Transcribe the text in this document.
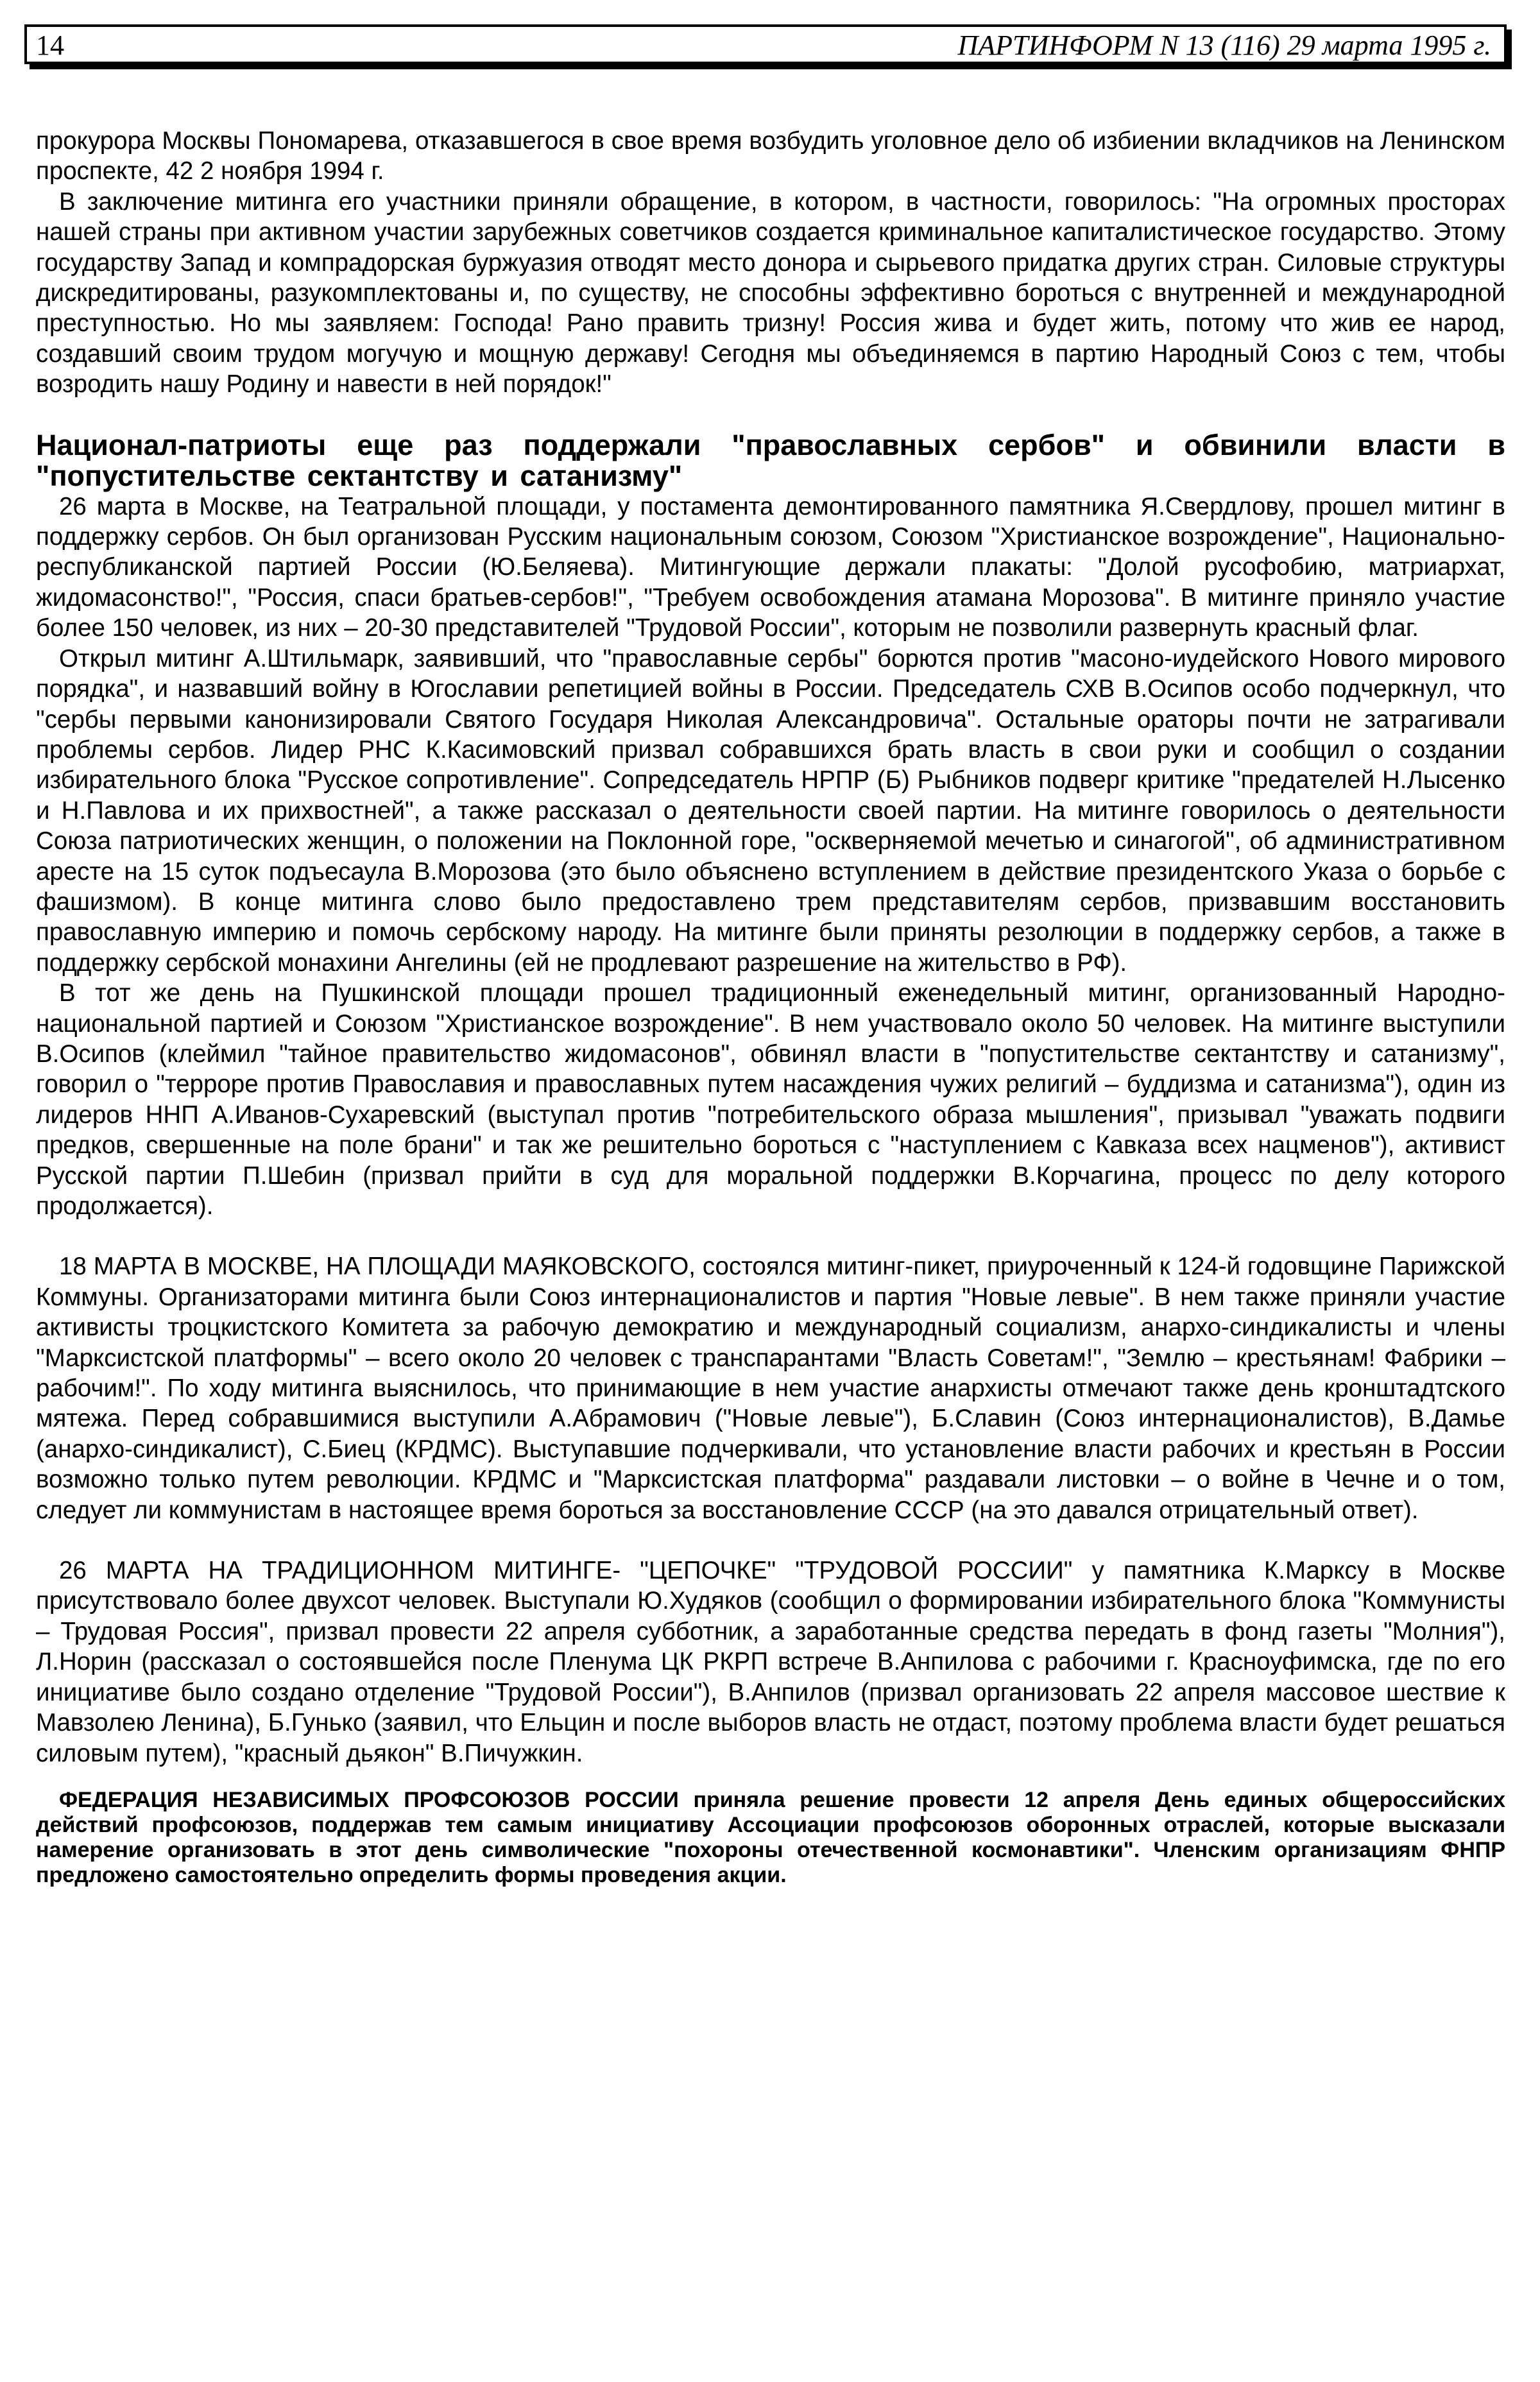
14	ПАРТИНФОРМ N 13 (116) 29 марта 1995 г.

прокурора Москвы Пономарева, отказавшегося в свое время возбудить уголовное дело об избиении вкладчиков на Ленинском проспекте, 42 2 ноября 1994 г.

В заключение митинга его участники приняли обращение, в котором, в частности, говорилось: "На огромных просторах нашей страны при активном участии зарубежных советчиков создается криминальное капиталистическое государство. Этому государству Запад и компрадорская буржуазия отводят место донора и сырьевого придатка других стран. Силовые структуры дискредитированы, разукомплектованы и, по существу, не способны эффективно бороться с внутренней и международной преступностью. Но мы заявляем: Господа! Рано править тризну! Россия жива и будет жить, потому что жив ее народ, создавший своим трудом могучую и мощную державу! Сегодня мы объединяемся в партию Народный Союз с тем, чтобы возродить нашу Родину и навести в ней порядок!"

Национал-патриоты еще раз поддержали "православных сербов" и обвинили власти в "попустительстве сектантству и сатанизму"

26 марта в Москве, на Театральной площади, у постамента демонтированного памятника Я.Свердлову, прошел митинг в поддержку сербов. Он был организован Русским национальным союзом, Союзом "Христианское возрождение", Национально-республиканской партией России (Ю.Беляева). Митингующие держали плакаты: "Долой русофобию, матриархат, жидомасонство!", "Россия, спаси братьев-сербов!", "Требуем освобождения атамана Морозова". В митинге приняло участие более 150 человек, из них – 20-30 представителей "Трудовой России", которым не позволили развернуть красный флаг.

Открыл митинг А.Штильмарк, заявивший, что "православные сербы" борются против "масоно-иудейского Нового мирового порядка", и назвавший войну в Югославии репетицией войны в России. Председатель СХВ В.Осипов особо подчеркнул, что "сербы первыми канонизировали Святого Государя Николая Александровича". Остальные ораторы почти не затрагивали проблемы сербов. Лидер РНС К.Касимовский призвал собравшихся брать власть в свои руки и сообщил о создании избирательного блока "Русское сопротивление". Сопредседатель НРПР (Б) Рыбников подверг критике "предателей Н.Лысенко и Н.Павлова и их прихвостней", а также рассказал о деятельности своей партии. На митинге говорилось о деятельности Союза патриотических женщин, о положении на Поклонной горе, "оскверняемой мечетью и синагогой", об административном аресте на 15 суток подъесаула В.Морозова (это было объяснено вступлением в действие президентского Указа о борьбе с фашизмом). В конце митинга слово было предоставлено трем представителям сербов, призвавшим восстановить православную империю и помочь сербскому народу. На митинге были приняты резолюции в поддержку сербов, а также в поддержку сербской монахини Ангелины (ей не продлевают разрешение на жительство в РФ).

В тот же день на Пушкинской площади прошел традиционный еженедельный митинг, организованный Народно-национальной партией и Союзом "Христианское возрождение". В нем участвовало около 50 человек. На митинге выступили В.Осипов (клеймил "тайное правительство жидомасонов", обвинял власти в "попустительстве сектантству и сатанизму", говорил о "терроре против Православия и православных путем насаждения чужих религий – буддизма и сатанизма"), один из лидеров ННП А.Иванов-Сухаревский (выступал против "потребительского образа мышления", призывал "уважать подвиги предков, свершенные на поле брани" и так же решительно бороться с "наступлением с Кавказа всех нацменов"), активист Русской партии П.Шебин (призвал прийти в суд для моральной поддержки В.Корчагина, процесс по делу которого продолжается).

18 МАРТА В МОСКВЕ, НА ПЛОЩАДИ МАЯКОВСКОГО, состоялся митинг-пикет, приуроченный к 124-й годовщине Парижской Коммуны. Организаторами митинга были Союз интернационалистов и партия "Новые левые". В нем также приняли участие активисты троцкистского Комитета за рабочую демократию и международный социализм, анархо-синдикалисты и члены "Марксистской платформы" – всего около 20 человек с транспарантами "Власть Советам!", "Землю – крестьянам! Фабрики – рабочим!". По ходу митинга выяснилось, что принимающие в нем участие анархисты отмечают также день кронштадтского мятежа. Перед собравшимися выступили А.Абрамович ("Новые левые"), Б.Славин (Союз интернационалистов), В.Дамье (анархо-синдикалист), С.Биец (КРДМС). Выступавшие подчеркивали, что установление власти рабочих и крестьян в России возможно только путем революции. КРДМС и "Марксистская платформа" раздавали листовки – о войне в Чечне и о том, следует ли коммунистам в настоящее время бороться за восстановление СССР (на это давался отрицательный ответ).

26 МАРТА НА ТРАДИЦИОННОМ МИТИНГЕ- "ЦЕПОЧКЕ" "ТРУДОВОЙ РОССИИ" у памятника К.Марксу в Москве присутствовало более двухсот человек. Выступали Ю.Худяков (сообщил о формировании избирательного блока "Коммунисты – Трудовая Россия", призвал провести 22 апреля субботник, а заработанные средства передать в фонд газеты "Молния"), Л.Норин (рассказал о состоявшейся после Пленума ЦК РКРП встрече В.Анпилова с рабочими г. Красноуфимска, где по его инициативе было создано отделение "Трудовой России"), В.Анпилов (призвал организовать 22 апреля массовое шествие к Мавзолею Ленина), Б.Гунько (заявил, что Ельцин и после выборов власть не отдаст, поэтому проблема власти будет решаться силовым путем), "красный дьякон" В.Пичужкин.

ФЕДЕРАЦИЯ НЕЗАВИСИМЫХ ПРОФСОЮЗОВ РОССИИ приняла решение провести 12 апреля День единых общероссийских действий профсоюзов, поддержав тем самым инициативу Ассоциации профсоюзов оборонных отраслей, которые высказали намерение организовать в этот день символические "похороны отечественной космонавтики". Членским организациям ФНПР предложено самостоятельно определить формы проведения акции.
